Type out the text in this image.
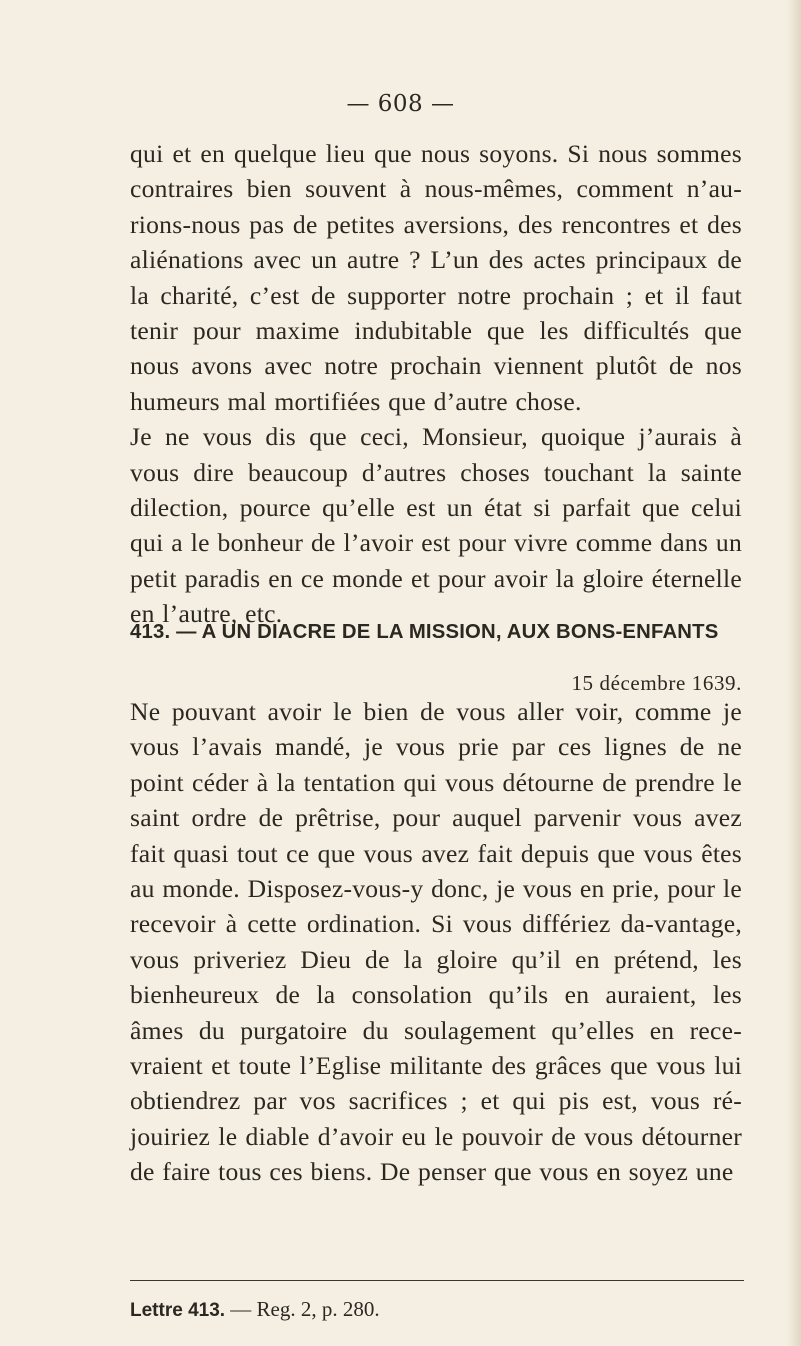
— 608 —

qui et en quelque lieu que nous soyons. Si nous sommes contraires bien souvent à nous-mêmes, comment n’au-rions-nous pas de petites aversions, des rencontres et des aliénations avec un autre ? L’un des actes principaux de la charité, c’est de supporter notre prochain ; et il faut tenir pour maxime indubitable que les difficultés que nous avons avec notre prochain viennent plutôt de nos humeurs mal mortifiées que d’autre chose.

Je ne vous dis que ceci, Monsieur, quoique j’aurais à vous dire beaucoup d’autres choses touchant la sainte dilection, pource qu’elle est un état si parfait que celui qui a le bonheur de l’avoir est pour vivre comme dans un petit paradis en ce monde et pour avoir la gloire éternelle en l’autre, etc.

413. — A UN DIACRE DE LA MISSION, AUX BONS-ENFANTS
15 décembre 1639.

Ne pouvant avoir le bien de vous aller voir, comme je vous l’avais mandé, je vous prie par ces lignes de ne point céder à la tentation qui vous détourne de prendre le saint ordre de prêtrise, pour auquel parvenir vous avez fait quasi tout ce que vous avez fait depuis que vous êtes au monde. Disposez-vous-y donc, je vous en prie, pour le recevoir à cette ordination. Si vous différiez da-vantage, vous priveriez Dieu de la gloire qu’il en prétend, les bienheureux de la consolation qu’ils en auraient, les âmes du purgatoire du soulagement qu’elles en rece-vraient et toute l’Eglise militante des grâces que vous lui obtiendrez par vos sacrifices ; et qui pis est, vous ré-jouiriez le diable d’avoir eu le pouvoir de vous détourner de faire tous ces biens. De penser que vous en soyez une

Lettre 413. — Reg. 2, p. 280.
